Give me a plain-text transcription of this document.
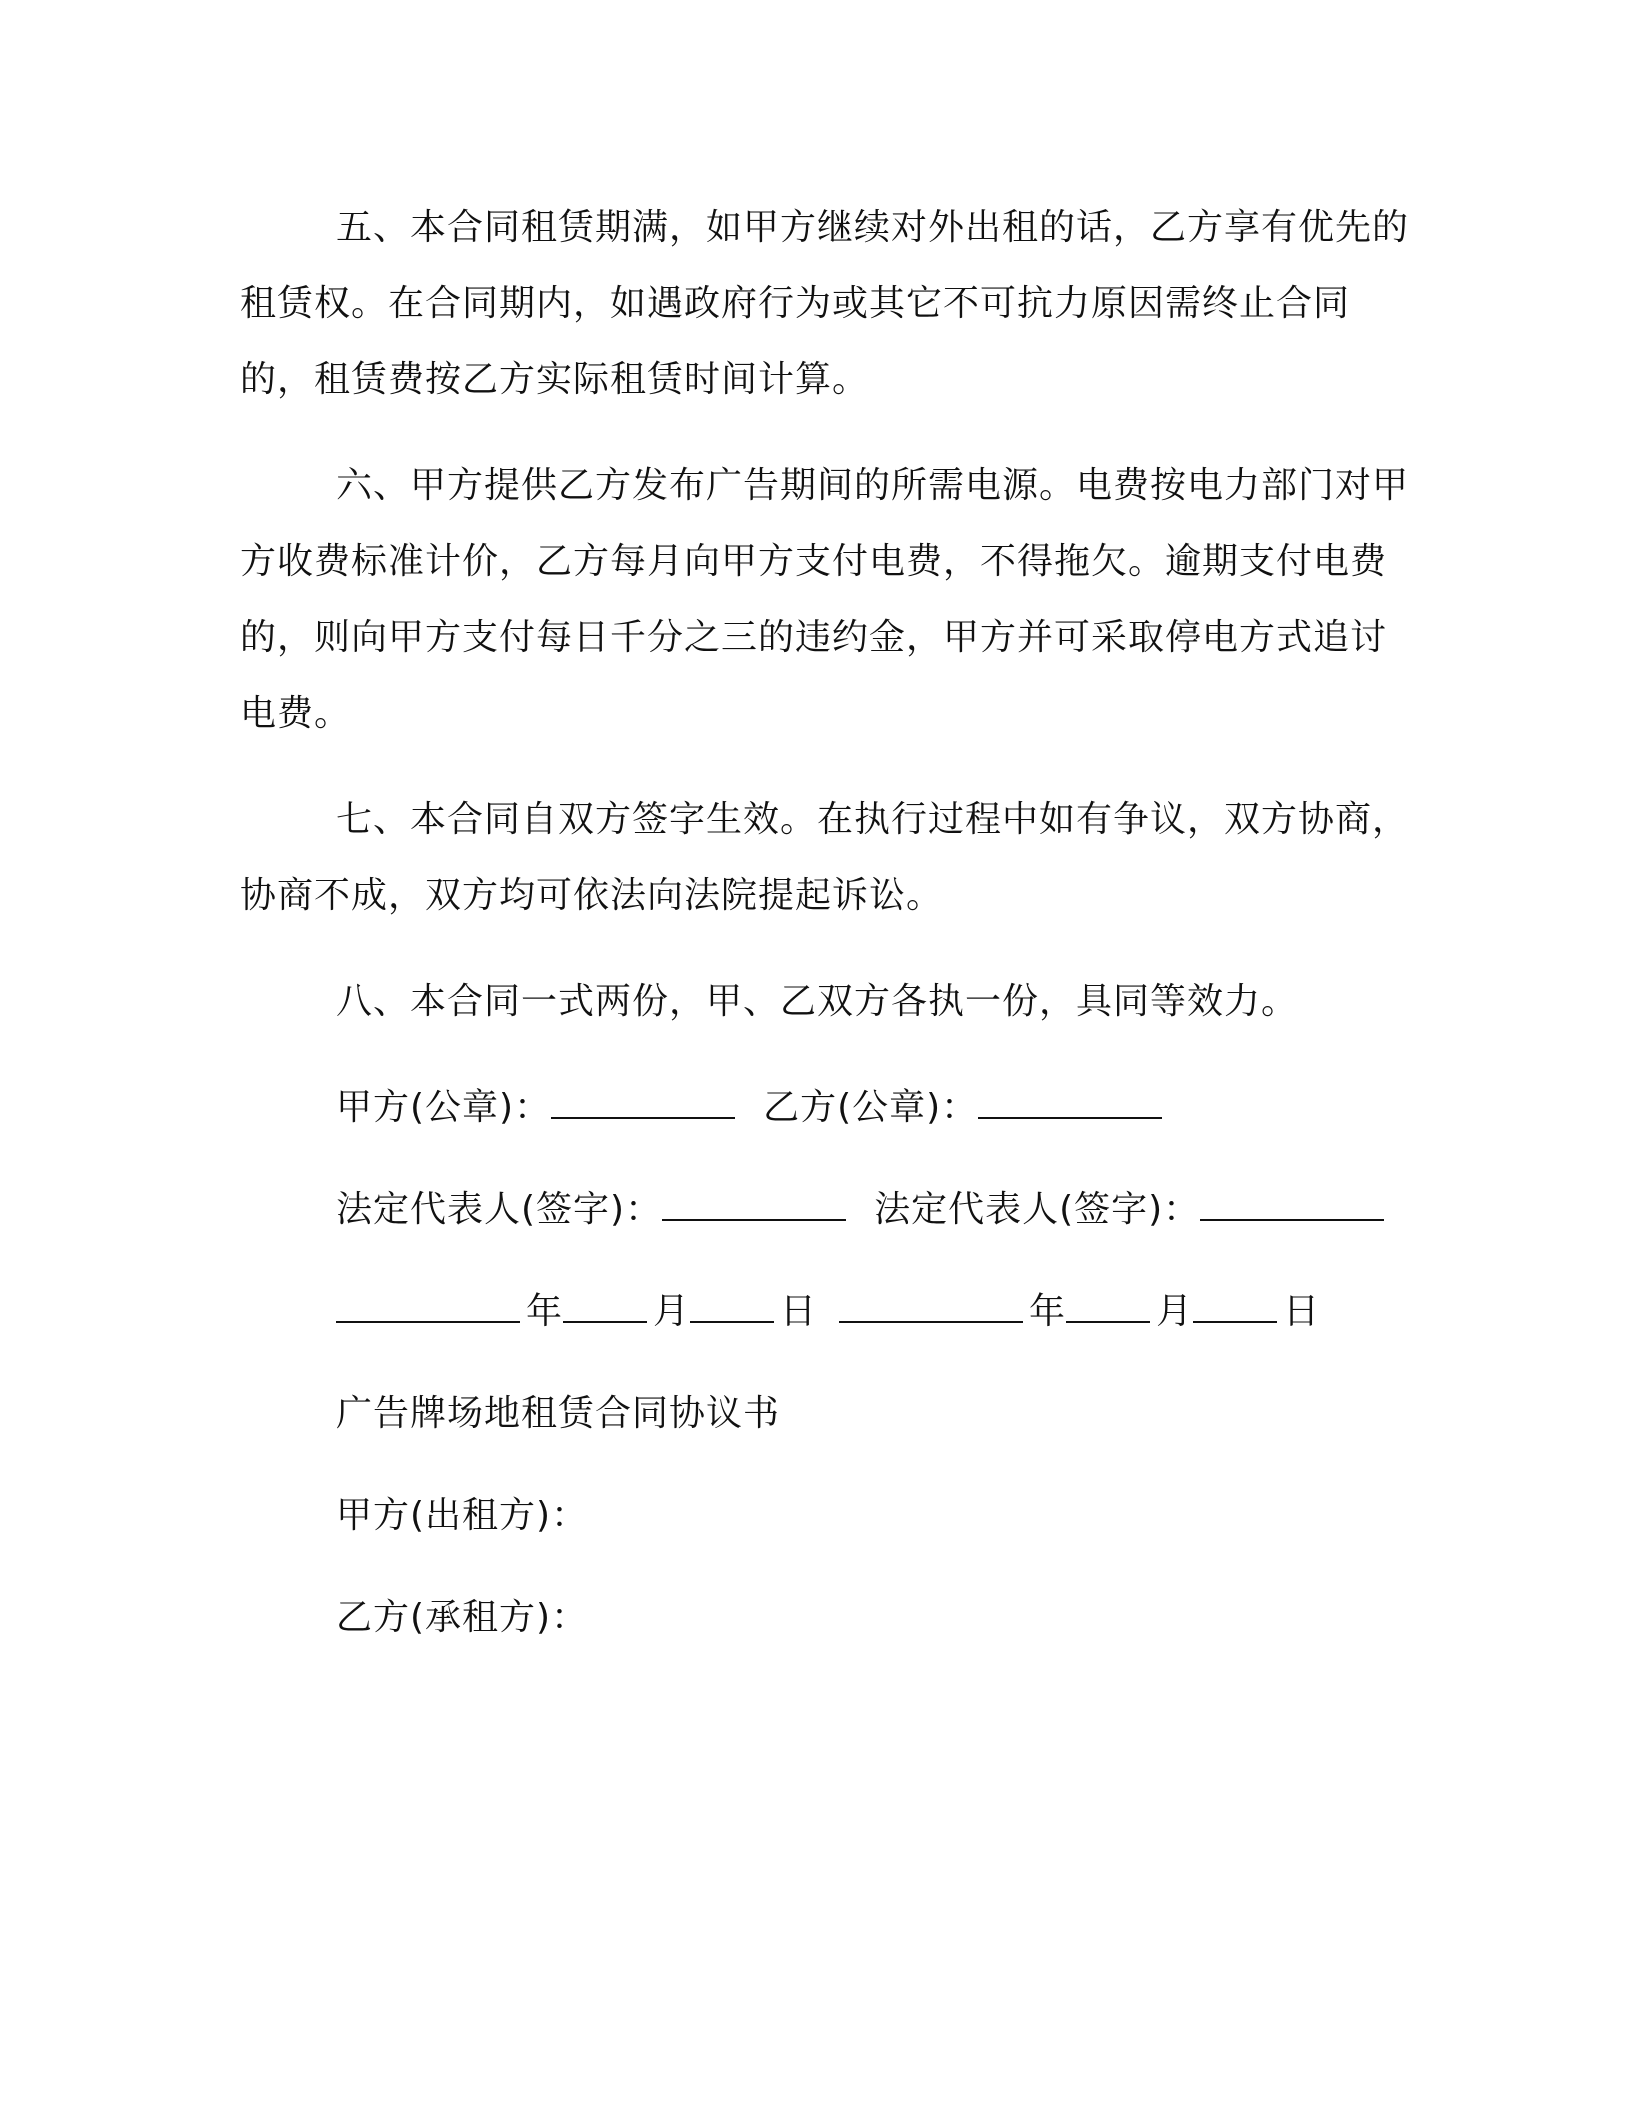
五、本合同租赁期满，如甲方继续对外出租的话，乙方享有优先的租赁权。在合同期内，如遇政府行为或其它不可抗力原因需终止合同的，租赁费按乙方实际租赁时间计算。

六、甲方提供乙方发布广告期间的所需电源。电费按电力部门对甲方收费标准计价，乙方每月向甲方支付电费，不得拖欠。逾期支付电费的，则向甲方支付每日千分之三的违约金，甲方并可采取停电方式追讨电费。

七、本合同自双方签字生效。在执行过程中如有争议，双方协商，协商不成，双方均可依法向法院提起诉讼。

八、本合同一式两份，甲、乙双方各执一份，具同等效力。

甲方(公章)：	乙方(公章)：
法定代表人(签字)：	法定代表人(签字)：
年	月	日	年	月	日
广告牌场地租赁合同协议书
甲方(出租方)：
乙方(承租方)：
